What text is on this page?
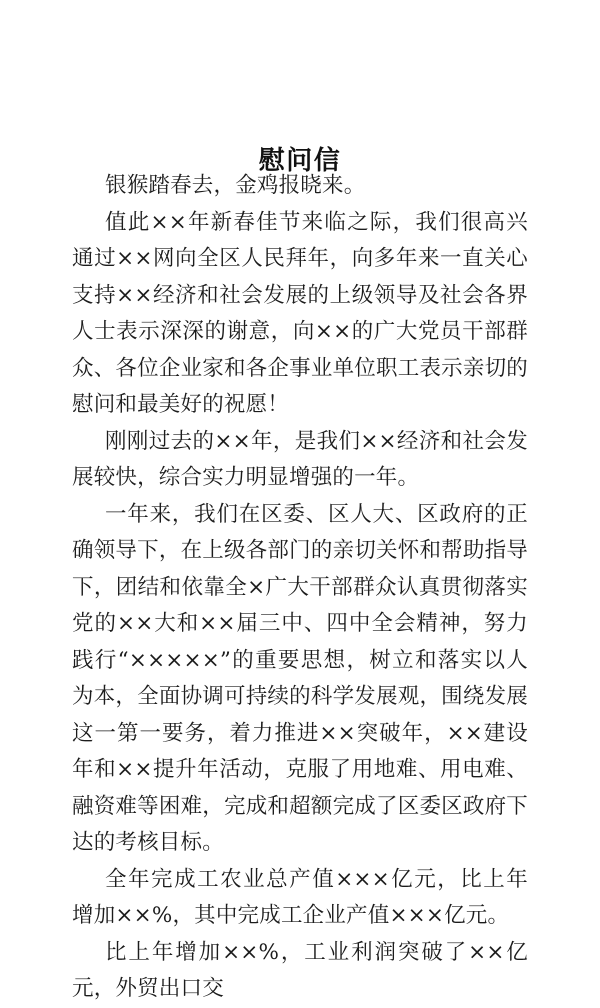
慰问信

银猴踏春去，金鸡报晓来。

值此××年新春佳节来临之际，我们很高兴通过××网向全区人民拜年，向多年来一直关心支持××经济和社会发展的上级领导及社会各界人士表示深深的谢意，向××的广大党员干部群众、各位企业家和各企事业单位职工表示亲切的慰问和最美好的祝愿！

刚刚过去的××年，是我们××经济和社会发展较快，综合实力明显增强的一年。

一年来，我们在区委、区人大、区政府的正确领导下，在上级各部门的亲切关怀和帮助指导下，团结和依靠全×广大干部群众认真贯彻落实党的××大和××届三中、四中全会精神，努力践行“×××××”的重要思想，树立和落实以人为本，全面协调可持续的科学发展观，围绕发展这一第一要务，着力推进××突破年，××建设年和××提升年活动，克服了用地难、用电难、融资难等困难，完成和超额完成了区委区政府下达的考核目标。

全年完成工农业总产值×××亿元，比上年增加××%，其中完成工企业产值×××亿元。

比上年增加××%，工业利润突破了××亿元，外贸出口交
